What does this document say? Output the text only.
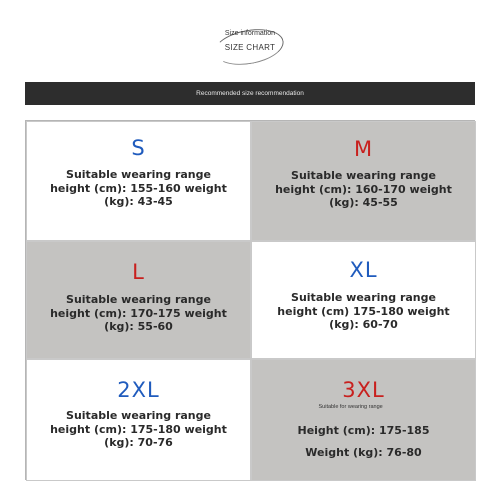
Size information
SIZE CHART
Recommended size recommendation
S
Suitable wearing range height (cm): 155-160 weight (kg): 43-45
M
Suitable wearing range height (cm): 160-170 weight (kg): 45-55
L
Suitable wearing range height (cm): 170-175 weight (kg): 55-60
XL
Suitable wearing range height (cm) 175-180 weight (kg): 60-70
2XL
Suitable wearing range height (cm): 175-180 weight (kg): 70-76
3XL
Suitable for wearing range
Height (cm): 175-185
Weight (kg): 76-80
